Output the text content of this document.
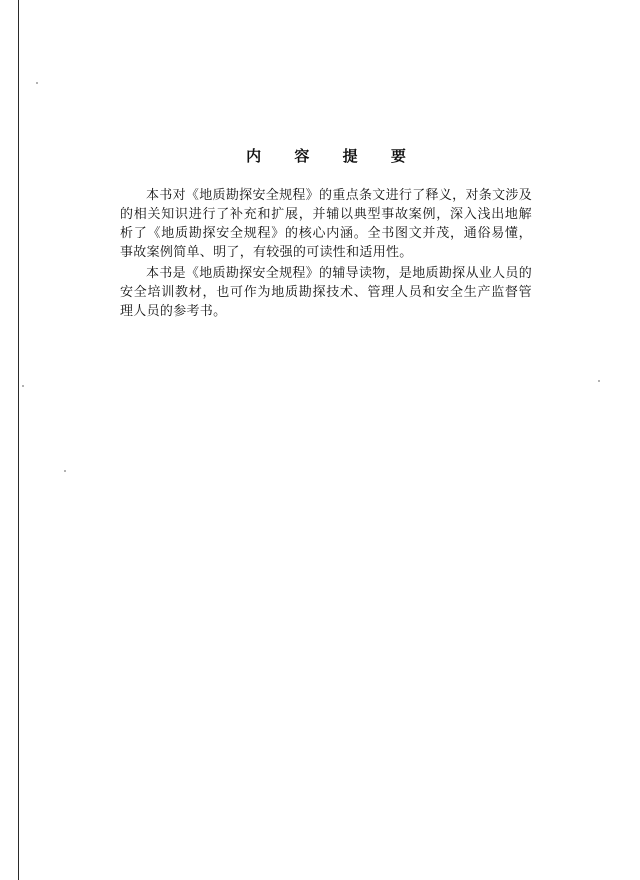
内 容 提 要

本书对《地质勘探安全规程》的重点条文进行了释义，对条文涉及的相关知识进行了补充和扩展，并辅以典型事故案例，深入浅出地解析了《地质勘探安全规程》的核心内涵。全书图文并茂，通俗易懂，事故案例简单、明了，有较强的可读性和适用性。

本书是《地质勘探安全规程》的辅导读物，是地质勘探从业人员的安全培训教材，也可作为地质勘探技术、管理人员和安全生产监督管理人员的参考书。
